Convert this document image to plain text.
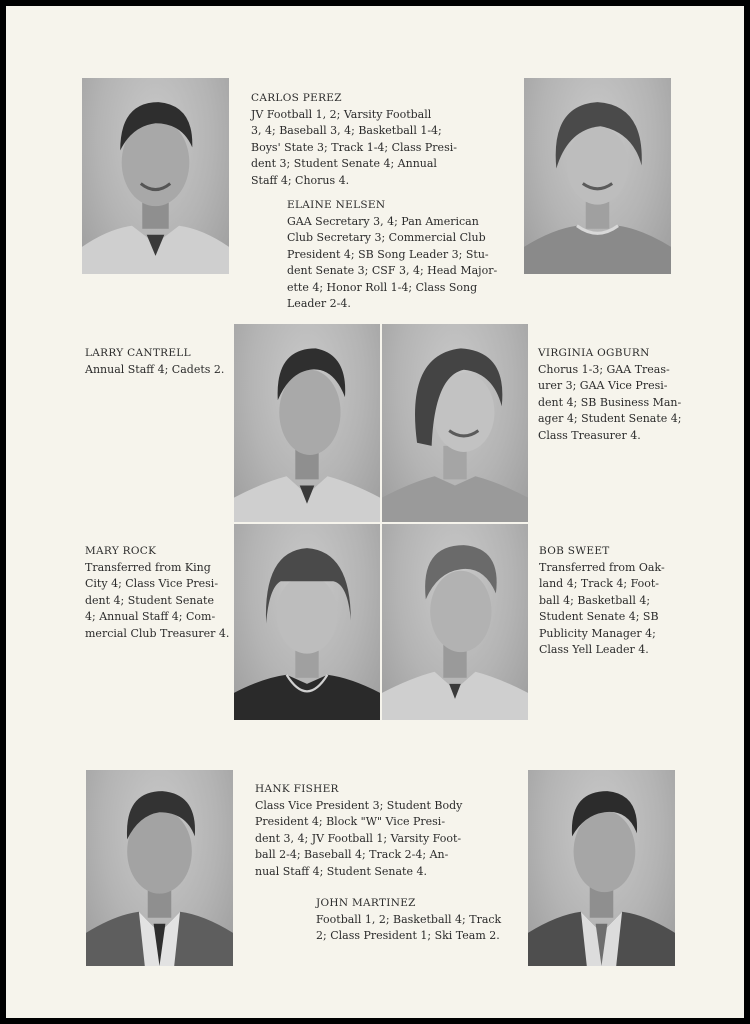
CARLOS PEREZ
JV Football 1, 2; Varsity Football
3, 4; Baseball 3, 4; Basketball 1-4;
Boys' State 3; Track 1-4; Class Presi-
dent 3; Student Senate 4; Annual
Staff 4; Chorus 4.
ELAINE NELSEN
GAA Secretary 3, 4; Pan American
Club Secretary 3; Commercial Club
President 4; SB Song Leader 3; Stu-
dent Senate 3; CSF 3, 4; Head Major-
ette 4; Honor Roll 1-4; Class Song
Leader 2-4.
LARRY CANTRELL
Annual Staff 4; Cadets 2.
VIRGINIA OGBURN
Chorus 1-3; GAA Treas-
urer 3; GAA Vice Presi-
dent 4; SB Business Man-
ager 4; Student Senate 4;
Class Treasurer 4.
MARY ROCK
Transferred from King
City 4; Class Vice Presi-
dent 4; Student Senate
4; Annual Staff 4; Com-
mercial Club Treasurer 4.
BOB SWEET
Transferred from Oak-
land 4; Track 4; Foot-
ball 4; Basketball 4;
Student Senate 4; SB
Publicity Manager 4;
Class Yell Leader 4.
HANK FISHER
Class Vice President 3; Student Body
President 4; Block "W" Vice Presi-
dent 3, 4; JV Football 1; Varsity Foot-
ball 2-4; Baseball 4; Track 2-4; An-
nual Staff 4; Student Senate 4.
JOHN MARTINEZ
Football 1, 2; Basketball 4; Track
2; Class President 1; Ski Team 2.
